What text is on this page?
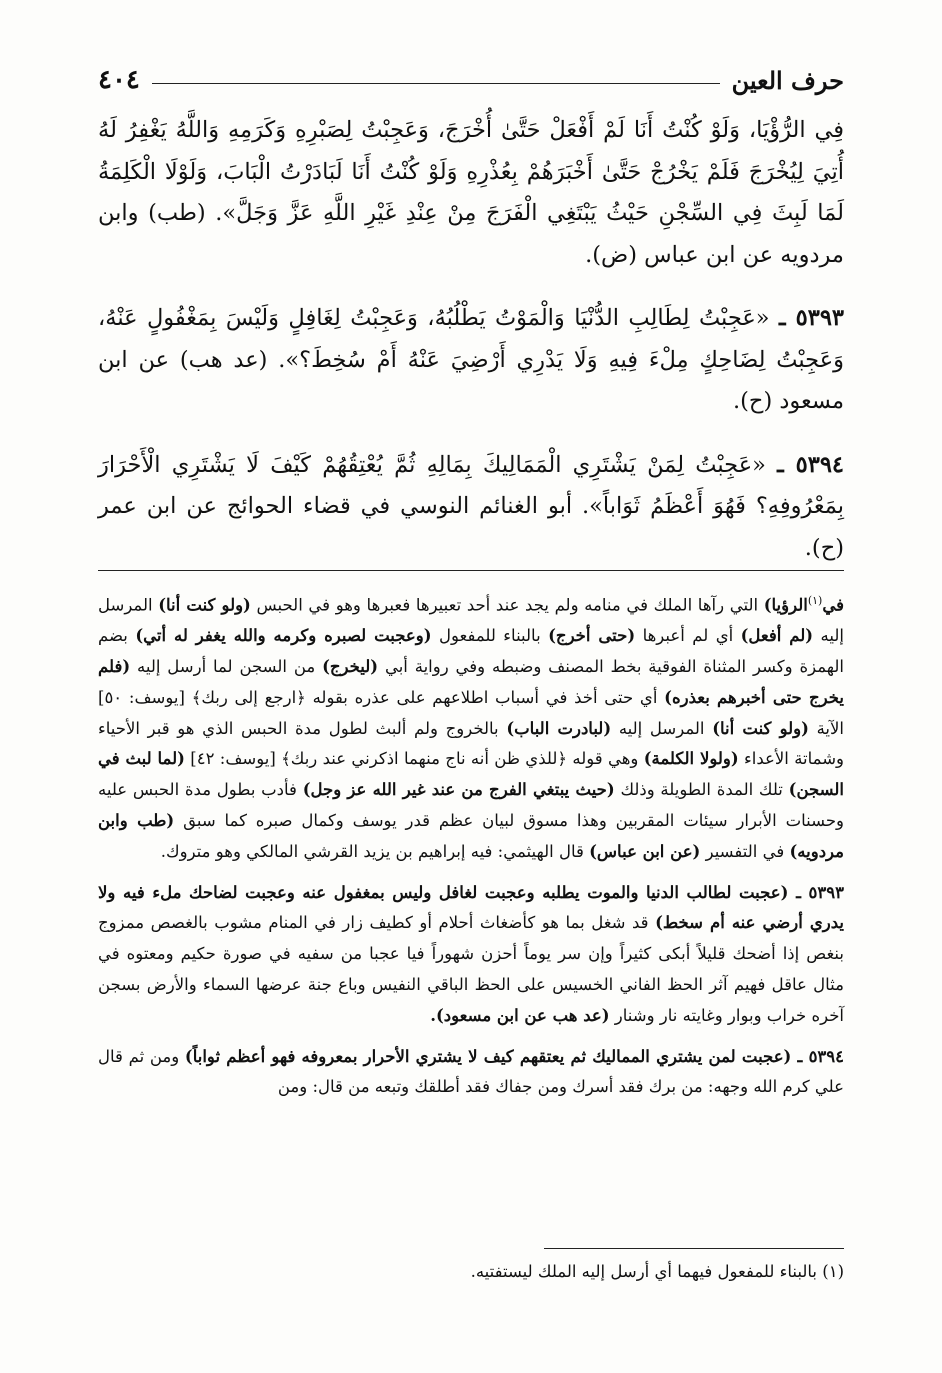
حرف العين
٤٠٤

فِي الرُّؤْيَا، وَلَوْ كُنْتُ أَنَا لَمْ أَفْعَلْ حَتَّىٰ أُخْرَجَ، وَعَجِبْتُ لِصَبْرِهِ وَكَرَمِهِ وَاللَّهُ يَغْفِرُ لَهُ أُتِيَ لِيُخْرَجَ فَلَمْ يَخْرُجْ حَتَّىٰ أَخْبَرَهُمْ بِعُذْرِهِ وَلَوْ كُنْتُ أَنَا لَبَادَرْتُ الْبَابَ، وَلَوْلَا الْكَلِمَةُ لَمَا لَبِثَ فِي السِّجْنِ حَيْثُ يَبْتَغِي الْفَرَجَ مِنْ عِنْدِ غَيْرِ اللَّهِ عَزَّ وَجَلَّ». (طب) وابن مردويه عن ابن عباس (ض).

٥٣٩٣ ـ «عَجِبْتُ لِطَالِبِ الدُّنْيَا وَالْمَوْتُ يَطْلُبُهُ، وَعَجِبْتُ لِغَافِلٍ وَلَيْسَ بِمَغْفُولٍ عَنْهُ، وَعَجِبْتُ لِضَاحِكٍ مِلْءَ فِيهِ وَلَا يَدْرِي أَرْضِيَ عَنْهُ أَمْ سُخِطَ؟». (عد هب) عن ابن مسعود (ح).

٥٣٩٤ ـ «عَجِبْتُ لِمَنْ يَشْتَرِي الْمَمَالِيكَ بِمَالِهِ ثُمَّ يُعْتِقُهُمْ كَيْفَ لَا يَشْتَرِي الْأَحْرَارَ بِمَعْرُوفِهِ؟ فَهُوَ أَعْظَمُ ثَوَاباً». أبو الغنائم النوسي في قضاء الحوائج عن ابن عمر (ح).

في$^{(١)}$الرؤيا) التي رآها الملك في منامه ولم يجد عند أحد تعبيرها فعبرها وهو في الحبس (ولو كنت أنا) المرسل إليه (لم أفعل) أي لم أعبرها (حتى أخرج) بالبناء للمفعول (وعجبت لصبره وكرمه والله يغفر له أتي) بضم الهمزة وكسر المثناة الفوقية بخط المصنف وضبطه وفي رواية أبي (ليخرج) من السجن لما أرسل إليه (فلم يخرج حتى أخبرهم بعذره) أي حتى أخذ في أسباب اطلاعهم على عذره بقوله ﴿ارجع إلى ربك﴾ [يوسف: ٥٠] الآية (ولو كنت أنا) المرسل إليه (لبادرت الباب) بالخروج ولم ألبث لطول مدة الحبس الذي هو قبر الأحياء وشماتة الأعداء (ولولا الكلمة) وهي قوله ﴿للذي ظن أنه ناج منهما اذكرني عند ربك﴾ [يوسف: ٤٢] (لما لبث في السجن) تلك المدة الطويلة وذلك (حيث يبتغي الفرج من عند غير الله عز وجل) فأدب بطول مدة الحبس عليه وحسنات الأبرار سيئات المقربين وهذا مسوق لبيان عظم قدر يوسف وكمال صبره كما سبق (طب وابن مردويه) في التفسير (عن ابن عباس) قال الهيثمي: فيه إبراهيم بن يزيد القرشي المالكي وهو متروك.

٥٣٩٣ ـ (عجبت لطالب الدنيا والموت يطلبه وعجبت لغافل وليس بمغفول عنه وعجبت لضاحك ملء فيه ولا يدري أرضي عنه أم سخط) قد شغل بما هو كأضغاث أحلام أو كطيف زار في المنام مشوب بالغصص ممزوج بنغص إذا أضحك قليلاً أبكى كثيراً وإن سر يوماً أحزن شهوراً فيا عجبا من سفيه في صورة حكيم ومعتوه في مثال عاقل فهيم آثر الحظ الفاني الخسيس على الحظ الباقي النفيس وباع جنة عرضها السماء والأرض بسجن آخره خراب وبوار وغايته نار وشنار (عد هب عن ابن مسعود).

٥٣٩٤ ـ (عجبت لمن يشتري المماليك ثم يعتقهم كيف لا يشتري الأحرار بمعروفه فهو أعظم ثواباً) ومن ثم قال علي كرم الله وجهه: من برك فقد أسرك ومن جفاك فقد أطلقك وتبعه من قال: ومن

(١) بالبناء للمفعول فيهما أي أرسل إليه الملك ليستفتيه.
